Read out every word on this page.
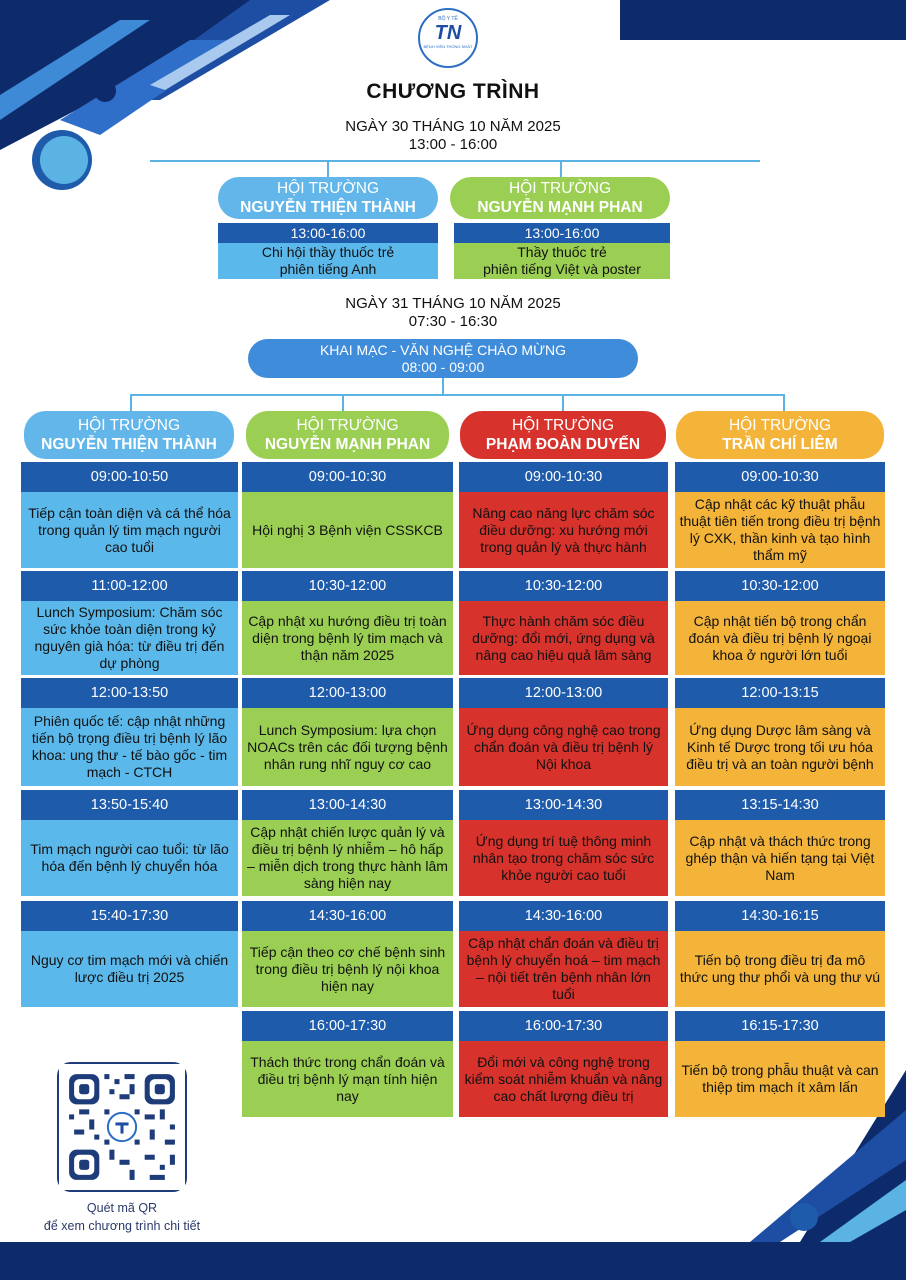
BỘ Y TẾ
TN
BỆNH VIỆN THỐNG NHẤT
CHƯƠNG TRÌNH
NGÀY 30 THÁNG 10 NĂM 2025
13:00 - 16:00
HỘI TRƯỜNG
NGUYỄN THIỆN THÀNH
HỘI TRƯỜNG
NGUYỄN MẠNH PHAN
13:00-16:00
Chi hội thầy thuốc trẻ
phiên tiếng Anh
13:00-16:00
Thầy thuốc trẻ
phiên tiếng Việt và poster
NGÀY 31 THÁNG 10 NĂM 2025
07:30 - 16:30
KHAI MẠC - VĂN NGHỆ CHÀO MỪNG
08:00 - 09:00
HỘI TRƯỜNG
NGUYỄN THIỆN THÀNH
HỘI TRƯỜNG
NGUYỄN MẠNH PHAN
HỘI TRƯỜNG
PHẠM ĐOÀN DUYẾN
HỘI TRƯỜNG
TRẦN CHÍ LIÊM
09:00-10:50
Tiếp cận toàn diện và cá thể hóa trong quản lý tim mạch người cao tuổi
11:00-12:00
Lunch Symposium: Chăm sóc sức khỏe toàn diện trong kỷ nguyên già hóa: từ điều trị đến dự phòng
12:00-13:50
Phiên quốc tế: cập nhật những tiến bộ trọng điều trị bệnh lý lão khoa: ung thư - tế bào gốc - tim mạch - CTCH
13:50-15:40
Tim mạch người cao tuổi: từ lão hóa đến bệnh lý chuyển hóa
15:40-17:30
Nguy cơ tim mạch mới và chiến lược điều trị 2025
09:00-10:30
Hội nghị 3 Bệnh viện CSSKCB
10:30-12:00
Cập nhật xu hướng điều trị toàn diện trong bệnh lý tim mạch và thận năm 2025
12:00-13:00
Lunch Symposium: lựa chọn NOACs trên các đối tượng bệnh nhân rung nhĩ nguy cơ cao
13:00-14:30
Cập nhật chiến lược quản lý và điều trị bệnh lý nhiễm – hô hấp – miễn dịch trong thực hành lâm sàng hiện nay
14:30-16:00
Tiếp cận theo cơ chế bệnh sinh trong điều trị bệnh lý nội khoa hiện nay
16:00-17:30
Thách thức trong chẩn đoán và điều trị bệnh lý mạn tính hiện nay
09:00-10:30
Nâng cao năng lực chăm sóc điều dưỡng: xu hướng mới trong quản lý và thực hành
10:30-12:00
Thực hành chăm sóc điều dưỡng: đổi mới, ứng dụng và nâng cao hiệu quả lâm sàng
12:00-13:00
Ứng dụng công nghệ cao trong chẩn đoán và điều trị bệnh lý Nội khoa
13:00-14:30
Ứng dụng trí tuệ thông minh nhân tạo trong chăm sóc sức khỏe người cao tuổi
14:30-16:00
Cập nhật chẩn đoán và điều trị bệnh lý chuyển hoá – tim mạch – nội tiết trên bệnh nhân lớn tuổi
16:00-17:30
Đổi mới và công nghệ trong kiểm soát nhiễm khuẩn và nâng cao chất lượng điều trị
09:00-10:30
Cập nhật các kỹ thuật phẫu thuật tiên tiến trong điều trị bệnh lý CXK, thần kinh và tạo hình thẩm mỹ
10:30-12:00
Cập nhật tiến bộ trong chẩn đoán và điều trị bệnh lý ngoại khoa ở người lớn tuổi
12:00-13:15
Ứng dụng Dược lâm sàng và Kinh tế Dược trong tối ưu hóa điều trị và an toàn người bệnh
13:15-14:30
Cập nhật và thách thức trong ghép thận và hiến tạng tại Việt Nam
14:30-16:15
Tiến bộ trong điều trị đa mô thức ung thư phổi và ung thư vú
16:15-17:30
Tiến bộ trong phẫu thuật và can thiệp tim mạch ít xâm lấn
Quét mã QR
để xem chương trình chi tiết
